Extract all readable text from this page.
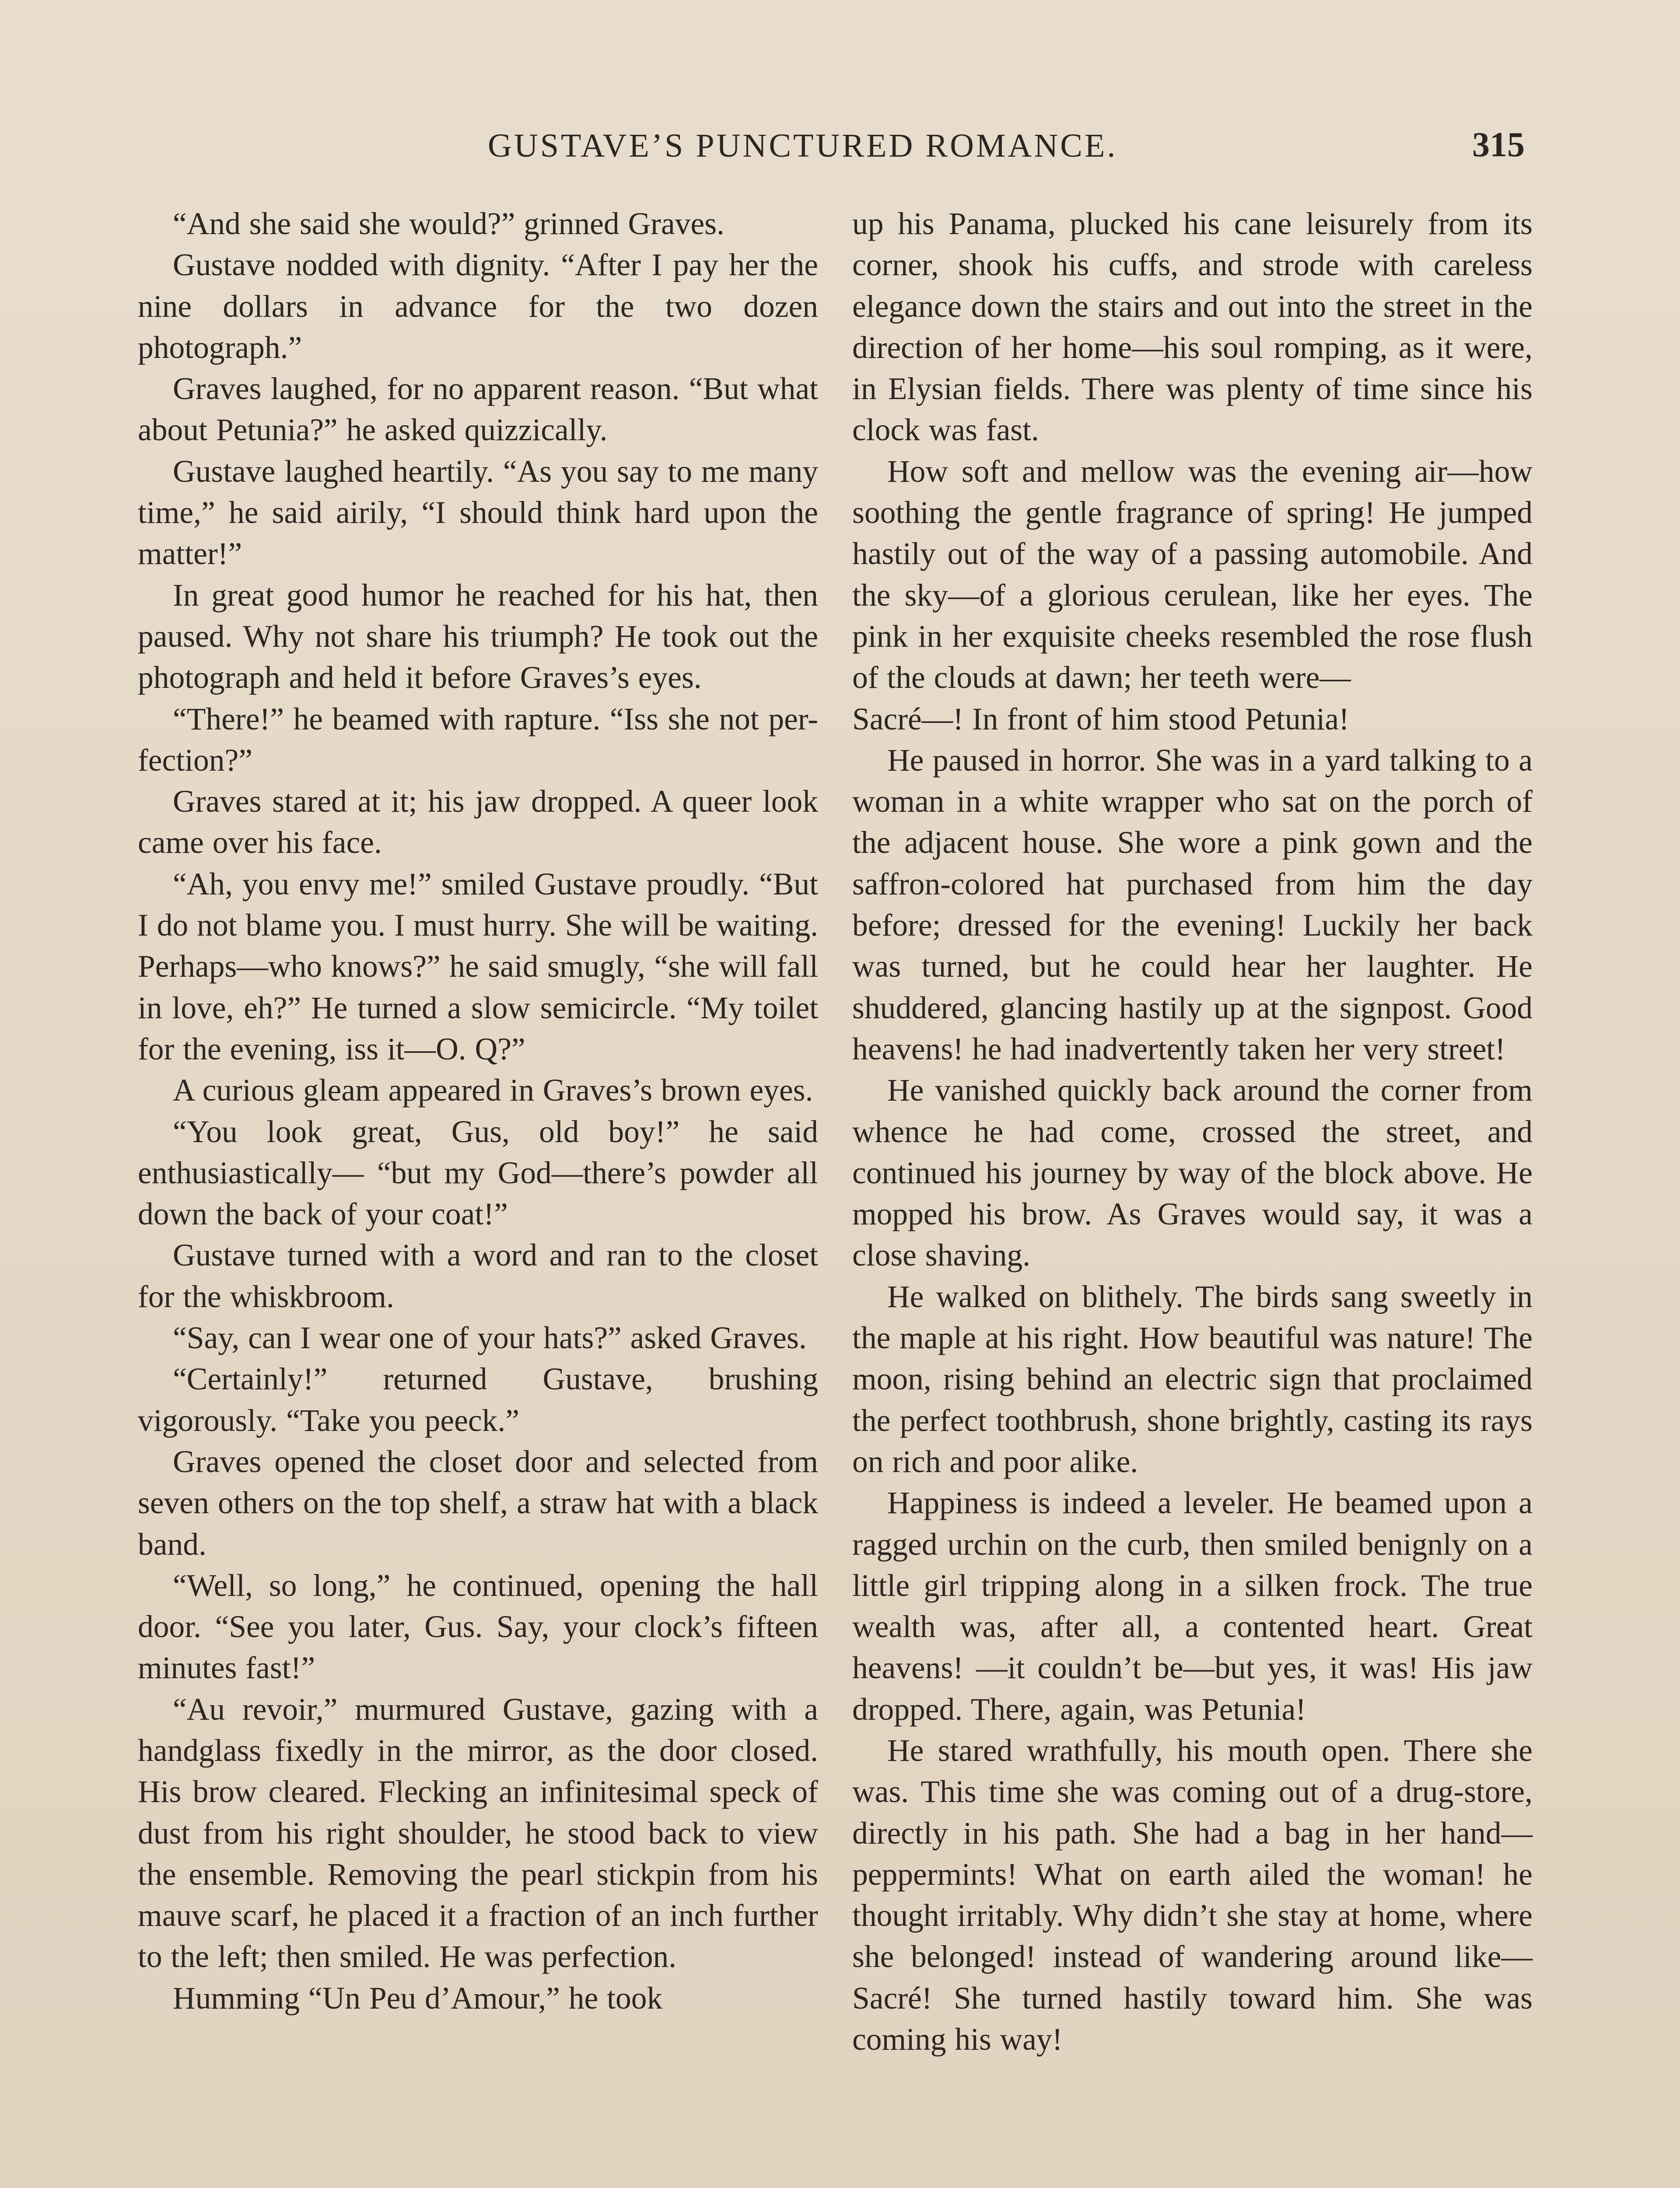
GUSTAVE’S PUNCTURED ROMANCE.	315

“And she said she would?” grinned Graves.

Gustave nodded with dignity. “After I pay her the nine dollars in advance for the two dozen photograph.”

Graves laughed, for no apparent reason. “But what about Petunia?” he asked quizzically.

Gustave laughed heartily. “As you say to me many time,” he said airily, “I should think hard upon the matter!”

In great good humor he reached for his hat, then paused. Why not share his triumph? He took out the photograph and held it before Graves’s eyes.

“There!” he beamed with rapture. “Iss she not per-fection?”

Graves stared at it; his jaw dropped. A queer look came over his face.

“Ah, you envy me!” smiled Gustave proudly. “But I do not blame you. I must hurry. She will be waiting. Perhaps—who knows?” he said smugly, “she will fall in love, eh?” He turned a slow semicircle. “My toilet for the evening, iss it—O. Q?”

A curious gleam appeared in Graves’s brown eyes.

“You look great, Gus, old boy!” he said enthusiastically— “but my God—there’s powder all down the back of your coat!”

Gustave turned with a word and ran to the closet for the whiskbroom.

“Say, can I wear one of your hats?” asked Graves.

“Certainly!” returned Gustave, brushing vigorously. “Take you peeck.”

Graves opened the closet door and selected from seven others on the top shelf, a straw hat with a black band.

“Well, so long,” he continued, opening the hall door. “See you later, Gus. Say, your clock’s fifteen minutes fast!”

“Au revoir,” murmured Gustave, gazing with a handglass fixedly in the mirror, as the door closed. His brow cleared. Flecking an infinitesimal speck of dust from his right shoulder, he stood back to view the ensemble. Removing the pearl stickpin from his mauve scarf, he placed it a fraction of an inch further to the left; then smiled. He was perfection.

Humming “Un Peu d’Amour,” he took

up his Panama, plucked his cane leisurely from its corner, shook his cuffs, and strode with careless elegance down the stairs and out into the street in the direction of her home—his soul romping, as it were, in Elysian fields. There was plenty of time since his clock was fast.

How soft and mellow was the evening air—how soothing the gentle fragrance of spring! He jumped hastily out of the way of a passing automobile. And the sky—of a glorious cerulean, like her eyes. The pink in her exquisite cheeks resembled the rose flush of the clouds at dawn; her teeth were—

Sacré—! In front of him stood Petunia!

He paused in horror. She was in a yard talking to a woman in a white wrapper who sat on the porch of the adjacent house. She wore a pink gown and the saffron-colored hat purchased from him the day before; dressed for the evening! Luckily her back was turned, but he could hear her laughter. He shuddered, glancing hastily up at the signpost. Good heavens! he had inadvertently taken her very street!

He vanished quickly back around the corner from whence he had come, crossed the street, and continued his journey by way of the block above. He mopped his brow. As Graves would say, it was a close shaving.

He walked on blithely. The birds sang sweetly in the maple at his right. How beautiful was nature! The moon, rising behind an electric sign that proclaimed the perfect toothbrush, shone brightly, casting its rays on rich and poor alike.

Happiness is indeed a leveler. He beamed upon a ragged urchin on the curb, then smiled benignly on a little girl tripping along in a silken frock. The true wealth was, after all, a contented heart. Great heavens! —it couldn’t be—but yes, it was! His jaw dropped. There, again, was Petunia!

He stared wrathfully, his mouth open. There she was. This time she was coming out of a drug-store, directly in his path. She had a bag in her hand—peppermints! What on earth ailed the woman! he thought irritably. Why didn’t she stay at home, where she belonged! instead of wandering around like—Sacré! She turned hastily toward him. She was coming his way!
